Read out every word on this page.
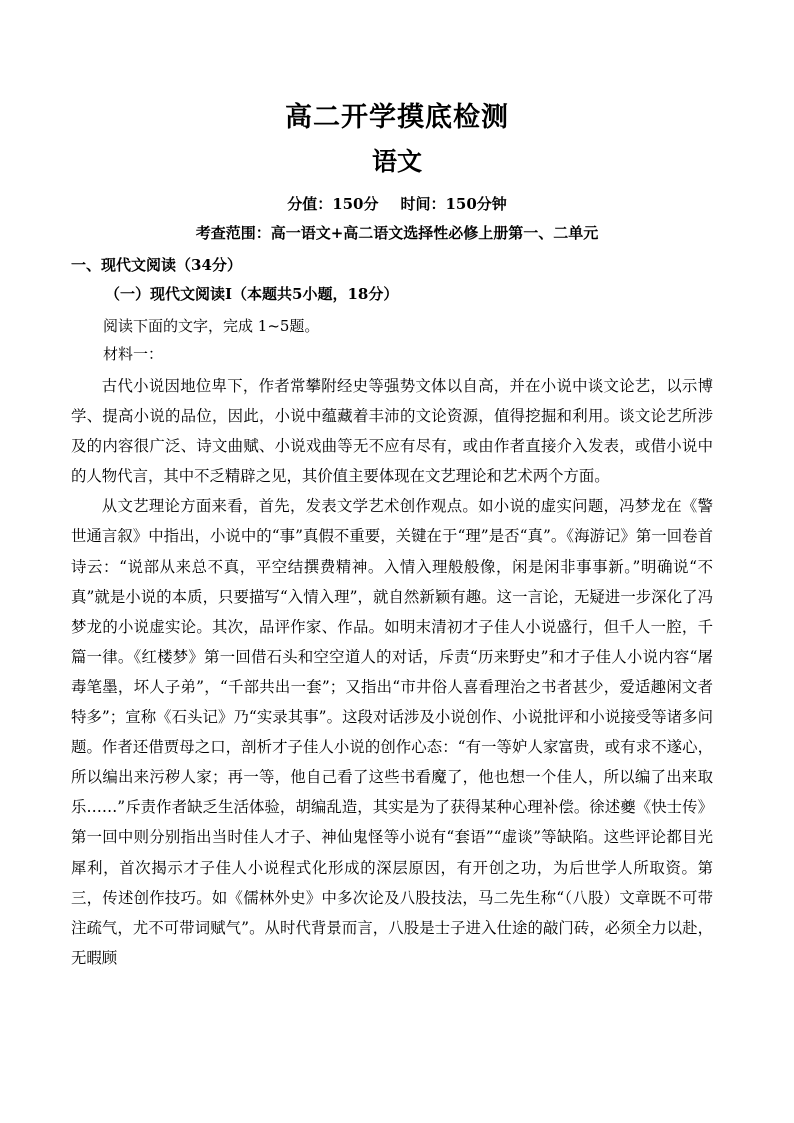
高二开学摸底检测
语文
分值：150分 时间：150分钟
考查范围：高一语文+高二语文选择性必修上册第一、二单元
一、现代文阅读（34分）
（一）现代文阅读Ⅰ（本题共5小题，18分）
阅读下面的文字，完成 1~5题。
材料一：

古代小说因地位卑下，作者常攀附经史等强势文体以自高，并在小说中谈文论艺，以示博学、提高小说的品位，因此，小说中蕴藏着丰沛的文论资源，值得挖掘和利用。谈文论艺所涉及的内容很广泛、诗文曲赋、小说戏曲等无不应有尽有，或由作者直接介入发表，或借小说中的人物代言，其中不乏精辟之见，其价值主要体现在文艺理论和艺术两个方面。

从文艺理论方面来看，首先，发表文学艺术创作观点。如小说的虚实问题，冯梦龙在《警世通言叙》中指出，小说中的“事”真假不重要，关键在于“理”是否“真”。《海游记》第一回卷首诗云：“说部从来总不真，平空结撰费精神。入情入理般般像，闲是闲非事事新。”明确说“不真”就是小说的本质，只要描写“入情入理”，就自然新颖有趣。这一言论，无疑进一步深化了冯梦龙的小说虚实论。其次，品评作家、作品。如明末清初才子佳人小说盛行，但千人一腔，千篇一律。《红楼梦》第一回借石头和空空道人的对话，斥责“历来野史”和才子佳人小说内容“屠毒笔墨，坏人子弟”，“千部共出一套”；又指出“市井俗人喜看理治之书者甚少，爱适趣闲文者特多”；宣称《石头记》乃“实录其事”。这段对话涉及小说创作、小说批评和小说接受等诸多问题。作者还借贾母之口，剖析才子佳人小说的创作心态：“有一等妒人家富贵，或有求不遂心，所以编出来污秽人家；再一等，他自己看了这些书看魔了，他也想一个佳人，所以编了出来取乐……”斥责作者缺乏生活体验，胡编乱造，其实是为了获得某种心理补偿。徐述夔《快士传》第一回中则分别指出当时佳人才子、神仙鬼怪等小说有“套语”“虚谈”等缺陷。这些评论都目光犀利，首次揭示才子佳人小说程式化形成的深层原因，有开创之功，为后世学人所取资。第三，传述创作技巧。如《儒林外史》中多次论及八股技法，马二先生称“（八股）文章既不可带注疏气，尤不可带词赋气”。从时代背景而言，八股是士子进入仕途的敲门砖，必须全力以赴，无暇顾
